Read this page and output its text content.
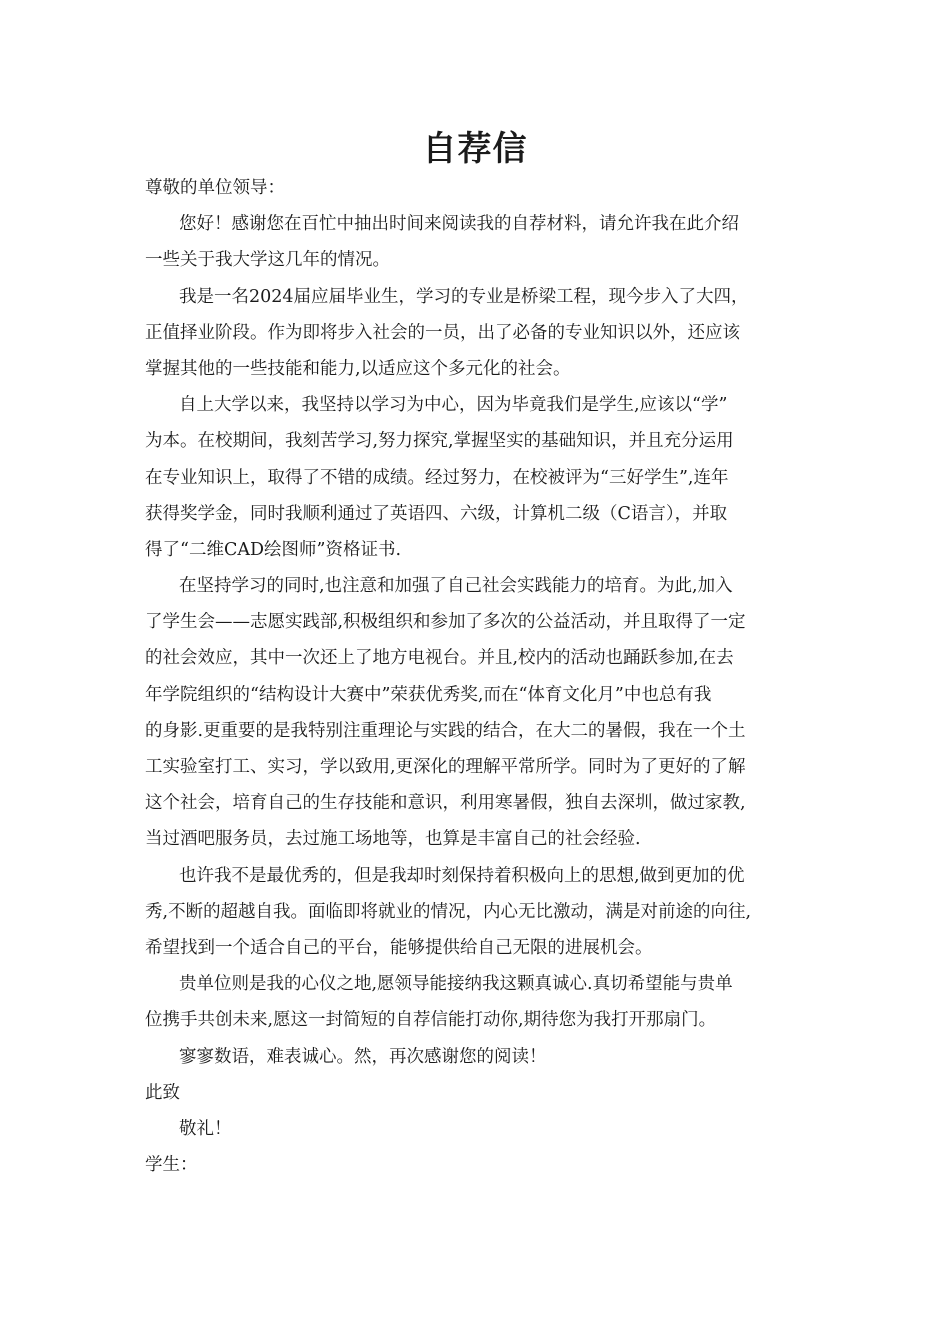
自荐信
尊敬的单位领导：
您好！感谢您在百忙中抽出时间来阅读我的自荐材料，请允许我在此介绍
一些关于我大学这几年的情况。
我是一名2024届应届毕业生，学习的专业是桥梁工程，现今步入了大四，
正值择业阶段。作为即将步入社会的一员，出了必备的专业知识以外，还应该
掌握其他的一些技能和能力,以适应这个多元化的社会。
自上大学以来，我坚持以学习为中心，因为毕竟我们是学生,应该以“学”
为本。在校期间，我刻苦学习,努力探究,掌握坚实的基础知识，并且充分运用
在专业知识上，取得了不错的成绩。经过努力，在校被评为“三好学生”,连年
获得奖学金，同时我顺利通过了英语四、六级，计算机二级（C语言），并取
得了“二维CAD绘图师”资格证书.
在坚持学习的同时,也注意和加强了自己社会实践能力的培育。为此,加入
了学生会——志愿实践部,积极组织和参加了多次的公益活动，并且取得了一定
的社会效应，其中一次还上了地方电视台。并且,校内的活动也踊跃参加,在去
年学院组织的“结构设计大赛中”荣获优秀奖,而在“体育文化月”中也总有我
的身影.更重要的是我特别注重理论与实践的结合，在大二的暑假，我在一个土
工实验室打工、实习，学以致用,更深化的理解平常所学。同时为了更好的了解
这个社会，培育自己的生存技能和意识，利用寒暑假，独自去深圳，做过家教,
当过酒吧服务员，去过施工场地等，也算是丰富自己的社会经验.
也许我不是最优秀的，但是我却时刻保持着积极向上的思想,做到更加的优
秀,不断的超越自我。面临即将就业的情况，内心无比激动，满是对前途的向往,
希望找到一个适合自己的平台，能够提供给自己无限的进展机会。
贵单位则是我的心仪之地,愿领导能接纳我这颗真诚心.真切希望能与贵单
位携手共创未来,愿这一封简短的自荐信能打动你,期待您为我打开那扇门。
寥寥数语，难表诚心。然，再次感谢您的阅读！
此致
敬礼！
学生：
